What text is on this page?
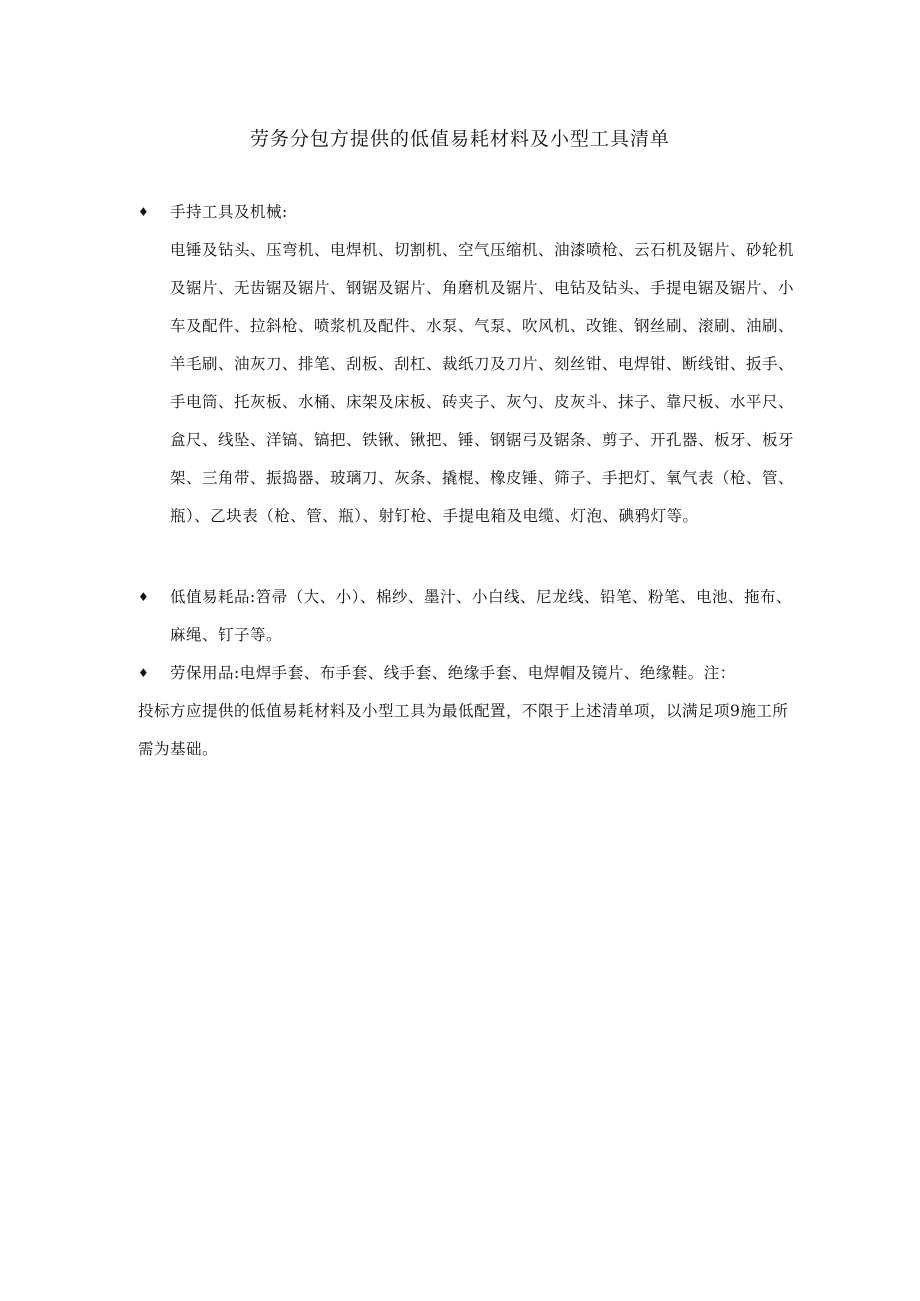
劳务分包方提供的低值易耗材料及小型工具清单
♦	手持工具及机械:
电锤及钻头、压弯机、电焊机、切割机、空气压缩机、油漆喷枪、云石机及锯片、砂轮机及锯片、无齿锯及锯片、钢锯及锯片、角磨机及锯片、电钻及钻头、手提电锯及锯片、小车及配件、拉斜枪、喷浆机及配件、水泵、气泵、吹风机、改锥、钢丝刷、滚刷、油刷、羊毛刷、油灰刀、排笔、刮板、刮杠、裁纸刀及刀片、刻丝钳、电焊钳、断线钳、扳手、手电筒、托灰板、水桶、床架及床板、砖夹子、灰勺、皮灰斗、抹子、靠尺板、水平尺、盒尺、线坠、洋镐、镐把、铁锹、锹把、锤、钢锯弓及锯条、剪子、开孔器、板牙、板牙架、三角带、振捣器、玻璃刀、灰条、撬棍、橡皮锤、筛子、手把灯、氧气表（枪、管、瓶）、乙块表（枪、管、瓶）、射钉枪、手提电箱及电缆、灯泡、碘鸦灯等。
♦	低值易耗品:笤帚（大、小）、棉纱、墨汁、小白线、尼龙线、铅笔、粉笔、电池、拖布、麻绳、钉子等。
♦	劳保用品:电焊手套、布手套、线手套、绝缘手套、电焊帽及镜片、绝缘鞋。注：
投标方应提供的低值易耗材料及小型工具为最低配置，不限于上述清单项，以满足项9施工所需为基础。
